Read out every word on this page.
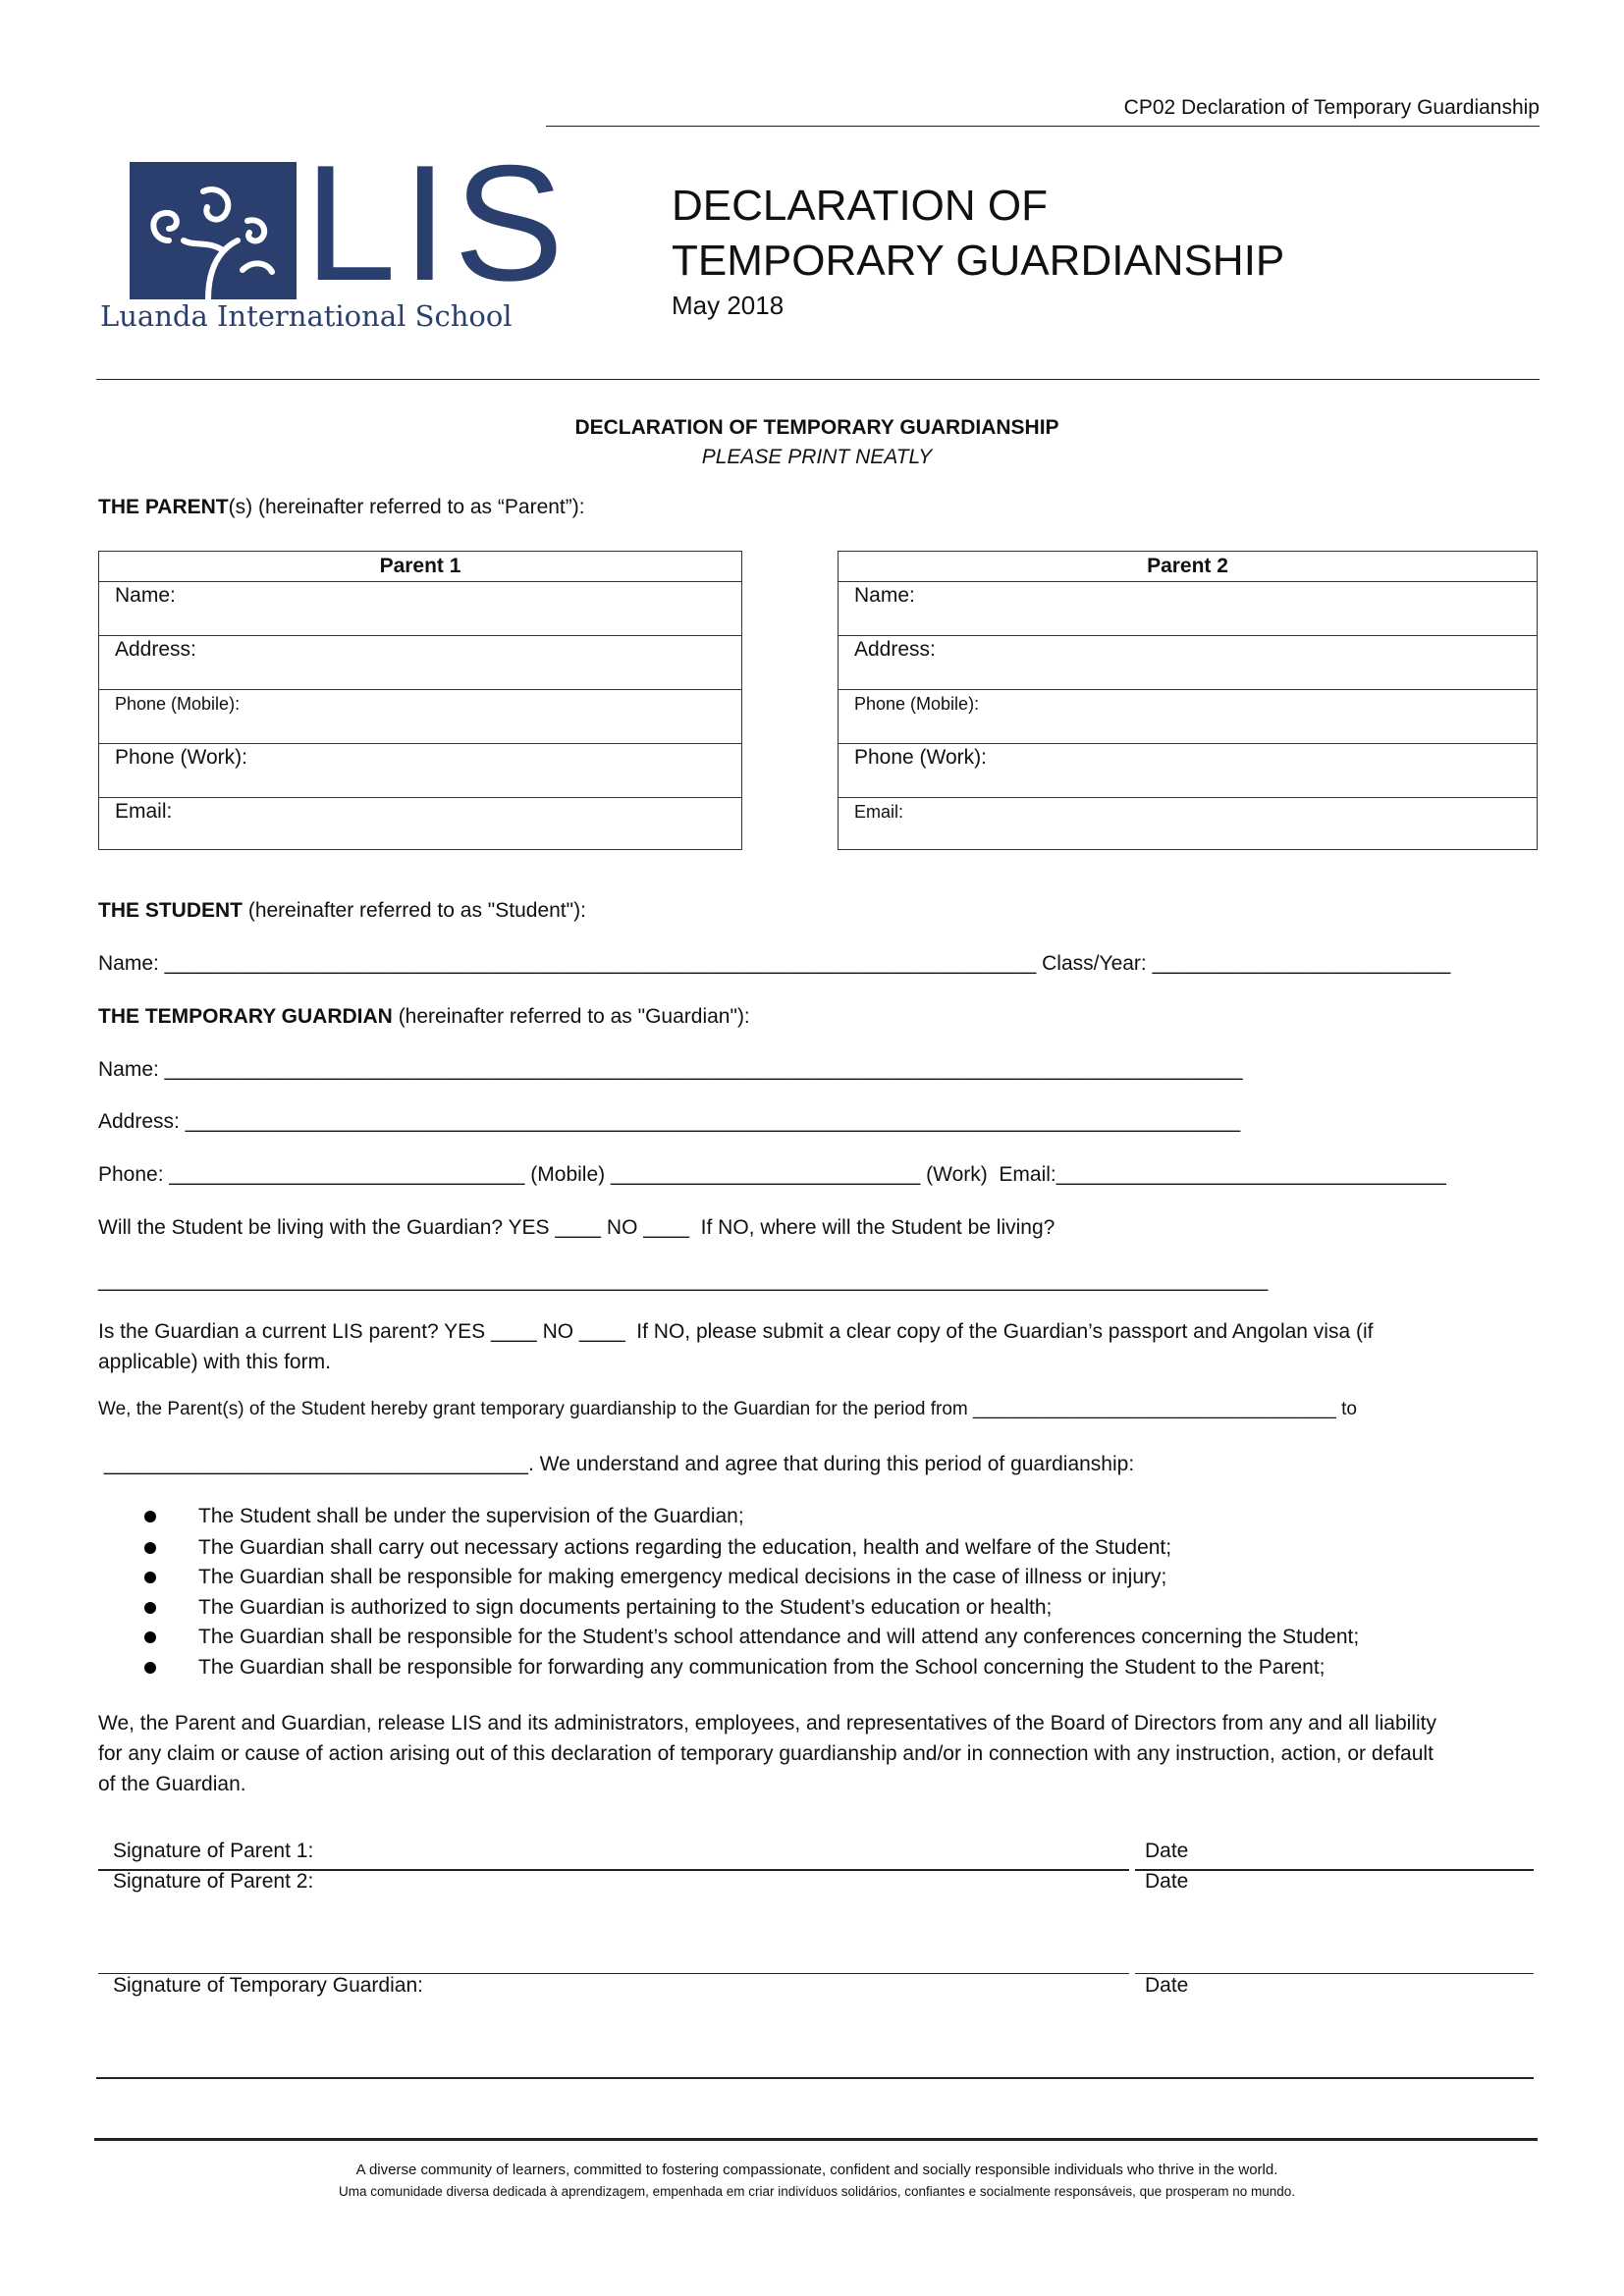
CP02 Declaration of Temporary Guardianship
LIS
Luanda International School
DECLARATION OF
TEMPORARY GUARDIANSHIP
May 2018
DECLARATION OF TEMPORARY GUARDIANSHIP
PLEASE PRINT NEATLY
THE PARENT(s) (hereinafter referred to as “Parent”):
Parent 1
Name:
Address:
Phone (Mobile):
Phone (Work):
Email:
Parent 2
Name:
Address:
Phone (Mobile):
Phone (Work):
Email:
THE STUDENT (hereinafter referred to as "Student"):
Name: ____________________________________________________________________________ Class/Year: __________________________
THE TEMPORARY GUARDIAN (hereinafter referred to as "Guardian"):
Name: ______________________________________________________________________________________________
Address: ____________________________________________________________________________________________
Phone: _______________________________ (Mobile) ___________________________ (Work)  Email:__________________________________
Will the Student be living with the Guardian? YES ____ NO ____  If NO, where will the Student be living?
______________________________________________________________________________________________________
Is the Guardian a current LIS parent? YES ____ NO ____  If NO, please submit a clear copy of the Guardian’s passport and Angolan visa (if
applicable) with this form.
We, the Parent(s) of the Student hereby grant temporary guardianship to the Guardian for the period from ___________________________________ to
_____________________________________. We understand and agree that during this period of guardianship:
The Student shall be under the supervision of the Guardian;
The Guardian shall carry out necessary actions regarding the education, health and welfare of the Student;
The Guardian shall be responsible for making emergency medical decisions in the case of illness or injury;
The Guardian is authorized to sign documents pertaining to the Student’s education or health;
The Guardian shall be responsible for the Student’s school attendance and will attend any conferences concerning the Student;
The Guardian shall be responsible for forwarding any communication from the School concerning the Student to the Parent;
We, the Parent and Guardian, release LIS and its administrators, employees, and representatives of the Board of Directors from any and all liability
for any claim or cause of action arising out of this declaration of temporary guardianship and/or in connection with any instruction, action, or default
of the Guardian.
Signature of Parent 1:	Date
Signature of Parent 2:	Date
Signature of Temporary Guardian:	Date
A diverse community of learners, committed to fostering compassionate, confident and socially responsible individuals who thrive in the world.
Uma comunidade diversa dedicada à aprendizagem, empenhada em criar indivíduos solidários, confiantes e socialmente responsáveis, que prosperam no mundo.
